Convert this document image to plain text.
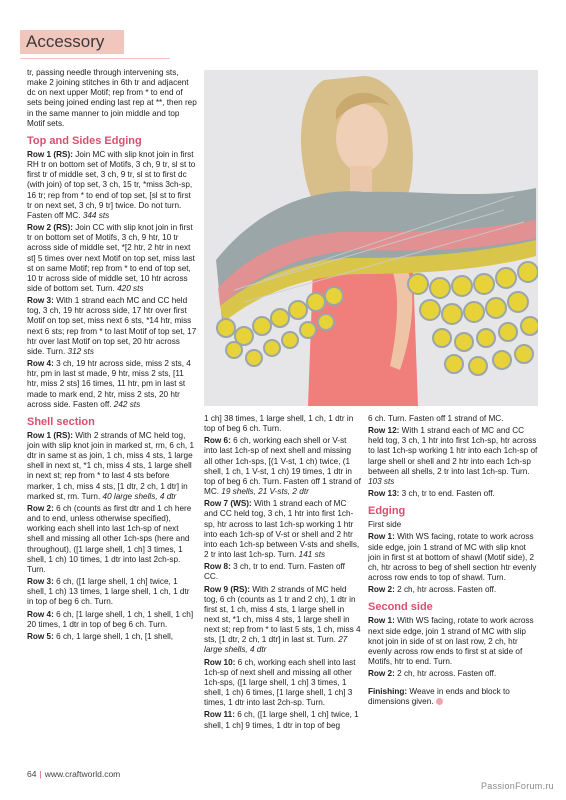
Accessory

tr, passing needle through intervening sts, make 2 joining stitches in 6th tr and adjacent dc on next upper Motif; rep from * to end of sets being joined ending last rep at **, then rep in the same manner to join middle and top Motif sets.

Top and Sides Edging

Row 1 (RS): Join MC with slip knot join in first RH tr on bottom set of Motifs, 3 ch, 9 tr, sl st to first tr of middle set, 3 ch, 9 tr, sl st to first dc (with join) of top set, 3 ch, 15 tr, *miss 3ch-sp, 16 tr; rep from * to end of top set, [sl st to first tr on next set, 3 ch, 9 tr] twice. Do not turn. Fasten off MC. 344 sts

Row 2 (RS): Join CC with slip knot join in first tr on bottom set of Motifs, 3 ch, 9 htr, 10 tr across side of middle set, *[2 htr, 2 htr in next st] 5 times over next Motif on top set, miss last st on same Motif; rep from * to end of top set, 10 tr across side of middle set, 10 htr across side of bottom set. Turn. 420 sts

Row 3: With 1 strand each MC and CC held tog, 3 ch, 19 htr across side, 17 htr over first Motif on top set, miss next 6 sts, *14 htr, miss next 6 sts; rep from * to last Motif of top set, 17 htr over last Motif on top set, 20 htr across side. Turn. 312 sts

Row 4: 3 ch, 19 htr across side, miss 2 sts, 4 htr, pm in last st made, 9 htr, miss 2 sts, [11 htr, miss 2 sts] 16 times, 11 htr, pm in last st made to mark end, 2 htr, miss 2 sts, 20 htr across side. Fasten off. 242 sts

Shell section

Row 1 (RS): With 2 strands of MC held tog, join with slip knot join in marked st, rm, 6 ch, 1 dtr in same st as join, 1 ch, miss 4 sts, 1 large shell in next st, *1 ch, miss 4 sts, 1 large shell in next st; rep from * to last 4 sts before marker, 1 ch, miss 4 sts, [1 dtr, 2 ch, 1 dtr] in marked st, rm. Turn. 40 large shells, 4 dtr

Row 2: 6 ch (counts as first dtr and 1 ch here and to end, unless otherwise specified), working each shell into last 1ch-sp of next shell and missing all other 1ch-sps (here and throughout), ([1 large shell, 1 ch] 3 times, 1 shell, 1 ch) 10 times, 1 dtr into last 2ch-sp. Turn.

Row 3: 6 ch, ([1 large shell, 1 ch] twice, 1 shell, 1 ch) 13 times, 1 large shell, 1 ch, 1 dtr in top of beg 6 ch. Turn.

Row 4: 6 ch, [1 large shell, 1 ch, 1 shell, 1 ch] 20 times, 1 dtr in top of beg 6 ch. Turn.

Row 5: 6 ch, 1 large shell, 1 ch, [1 shell,

1 ch] 38 times, 1 large shell, 1 ch, 1 dtr in top of beg 6 ch. Turn.

Row 6: 6 ch, working each shell or V-st into last 1ch-sp of next shell and missing all other 1ch-sps, [(1 V-st, 1 ch) twice, (1 shell, 1 ch, 1 V-st, 1 ch) 19 times, 1 dtr in top of beg 6 ch. Turn. Fasten off 1 strand of MC. 19 shells, 21 V-sts, 2 dtr

Row 7 (WS): With 1 strand each of MC and CC held tog, 3 ch, 1 htr into first 1ch-sp, htr across to last 1ch-sp working 1 htr into each 1ch-sp of V-st or shell and 2 htr into each 1ch-sp between V-sts and shells, 2 tr into last 1ch-sp. Turn. 141 sts

Row 8: 3 ch, tr to end. Turn. Fasten off CC.

Row 9 (RS): With 2 strands of MC held tog, 6 ch (counts as 1 tr and 2 ch), 1 dtr in first st, 1 ch, miss 4 sts, 1 large shell in next st, *1 ch, miss 4 sts, 1 large shell in next st; rep from * to last 5 sts, 1 ch, miss 4 sts, [1 dtr, 2 ch, 1 dtr] in last st. Turn. 27 large shells, 4 dtr

Row 10: 6 ch, working each shell into last 1ch-sp of next shell and missing all other 1ch-sps, ([1 large shell, 1 ch] 3 times, 1 shell, 1 ch) 6 times, [1 large shell, 1 ch] 3 times, 1 dtr into last 2ch-sp. Turn.

Row 11: 6 ch, ([1 large shell, 1 ch] twice, 1 shell, 1 ch] 9 times, 1 dtr in top of beg

6 ch. Turn. Fasten off 1 strand of MC.

Row 12: With 1 strand each of MC and CC held tog, 3 ch, 1 htr into first 1ch-sp, htr across to last 1ch-sp working 1 htr into each 1ch-sp of large shell or shell and 2 htr into each 1ch-sp between all shells, 2 tr into last 1ch-sp. Turn. 103 sts

Row 13: 3 ch, tr to end. Fasten off.

Edging

First side

Row 1: With WS facing, rotate to work across side edge, join 1 strand of MC with slip knot join in first st at bottom of shawl (Motif side), 2 ch, htr across to beg of shell section htr evenly across row ends to top of shawl. Turn.

Row 2: 2 ch, htr across. Fasten off.

Second side

Row 1: With WS facing, rotate to work across next side edge, join 1 strand of MC with slip knot join in side of st on last row, 2 ch, htr evenly across row ends to first st at side of Motifs, htr to end. Turn.

Row 2: 2 ch, htr across. Fasten off.

Finishing: Weave in ends and block to dimensions given.

64 | www.craftworld.com
PassionForum.ru
